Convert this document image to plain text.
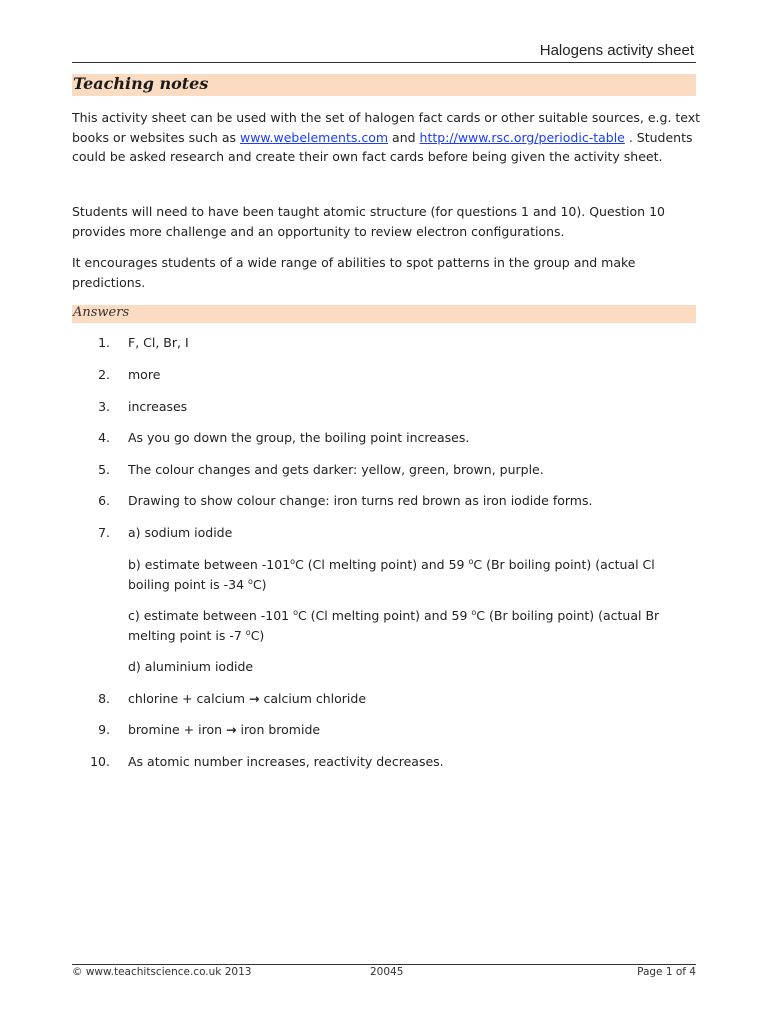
Halogens activity sheet
Teaching notes

This activity sheet can be used with the set of halogen fact cards or other suitable sources, e.g. text books or websites such as www.webelements.com and http://www.rsc.org/periodic-table . Students could be asked research and create their own fact cards before being given the activity sheet.

Students will need to have been taught atomic structure (for questions 1 and 10). Question 10 provides more challenge and an opportunity to review electron configurations.

It encourages students of a wide range of abilities to spot patterns in the group and make predictions.

Answers
1. F, Cl, Br, I

2. more

3. increases

4. As you go down the group, the boiling point increases.

5. The colour changes and gets darker: yellow, green, brown, purple.

6. Drawing to show colour change: iron turns red brown as iron iodide forms.

7. a) sodium iodide

b) estimate between -101$^o$C (Cl melting point) and 59 $^o$C (Br boiling point) (actual Cl boiling point is -34 $^o$C)

c) estimate between -101 $^o$C (Cl melting point) and 59 $^o$C (Br boiling point) (actual Br melting point is -7 $^o$C)

d) aluminium iodide

8. chlorine + calcium → calcium chloride

9. bromine + iron → iron bromide

10. As atomic number increases, reactivity decreases.

© www.teachitscience.co.uk 2013	20045	Page 1 of 4
